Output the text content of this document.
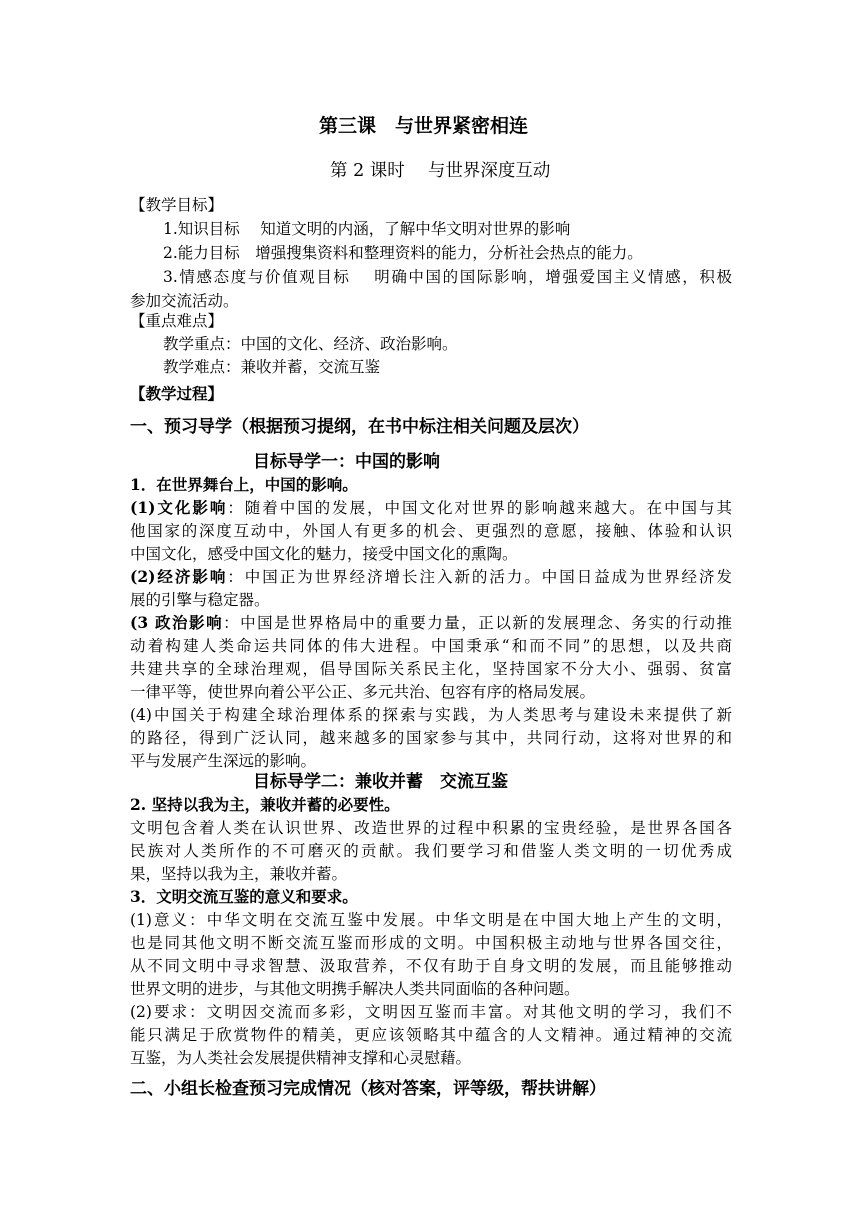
第三课　与世界紧密相连
第 2 课时　 与世界深度互动
【教学目标】
1.知识目标　 知道文明的内涵，了解中华文明对世界的影响
2.能力目标　增强搜集资料和整理资料的能力，分析社会热点的能力。
3.情感态度与价值观目标　 明确中国的国际影响，增强爱国主义情感，积极
参加交流活动。
【重点难点】
教学重点：中国的文化、经济、政治影响。
教学难点：兼收并蓄，交流互鉴
【教学过程】
一、预习导学（根据预习提纲，在书中标注相关问题及层次）
目标导学一：中国的影响
1．在世界舞台上，中国的影响。
(1)文化影响：随着中国的发展，中国文化对世界的影响越来越大。在中国与其
他国家的深度互动中，外国人有更多的机会、更强烈的意愿，接触、体验和认识
中国文化，感受中国文化的魅力，接受中国文化的熏陶。
(2)经济影响：中国正为世界经济增长注入新的活力。中国日益成为世界经济发
展的引擎与稳定器。
(3 政治影响：中国是世界格局中的重要力量，正以新的发展理念、务实的行动推
动着构建人类命运共同体的伟大进程。中国秉承“和而不同”的思想，以及共商
共建共享的全球治理观，倡导国际关系民主化，坚持国家不分大小、强弱、贫富
一律平等，使世界向着公平公正、多元共治、包容有序的格局发展。
(4)中国关于构建全球治理体系的探索与实践，为人类思考与建设未来提供了新
的路径，得到广泛认同，越来越多的国家参与其中，共同行动，这将对世界的和
平与发展产生深远的影响。
目标导学二：兼收并蓄　交流互鉴
2. 坚持以我为主，兼收并蓄的必要性。
文明包含着人类在认识世界、改造世界的过程中积累的宝贵经验，是世界各国各
民族对人类所作的不可磨灭的贡献。我们要学习和借鉴人类文明的一切优秀成
果，坚持以我为主，兼收并蓄。
3．文明交流互鉴的意义和要求。
(1)意义：中华文明在交流互鉴中发展。中华文明是在中国大地上产生的文明，
也是同其他文明不断交流互鉴而形成的文明。中国积极主动地与世界各国交往，
从不同文明中寻求智慧、汲取营养，不仅有助于自身文明的发展，而且能够推动
世界文明的进步，与其他文明携手解决人类共同面临的各种问题。
(2)要求：文明因交流而多彩，文明因互鉴而丰富。对其他文明的学习，我们不
能只满足于欣赏物件的精美，更应该领略其中蕴含的人文精神。通过精神的交流
互鉴，为人类社会发展提供精神支撑和心灵慰藉。
二、小组长检查预习完成情况（核对答案，评等级，帮扶讲解）
